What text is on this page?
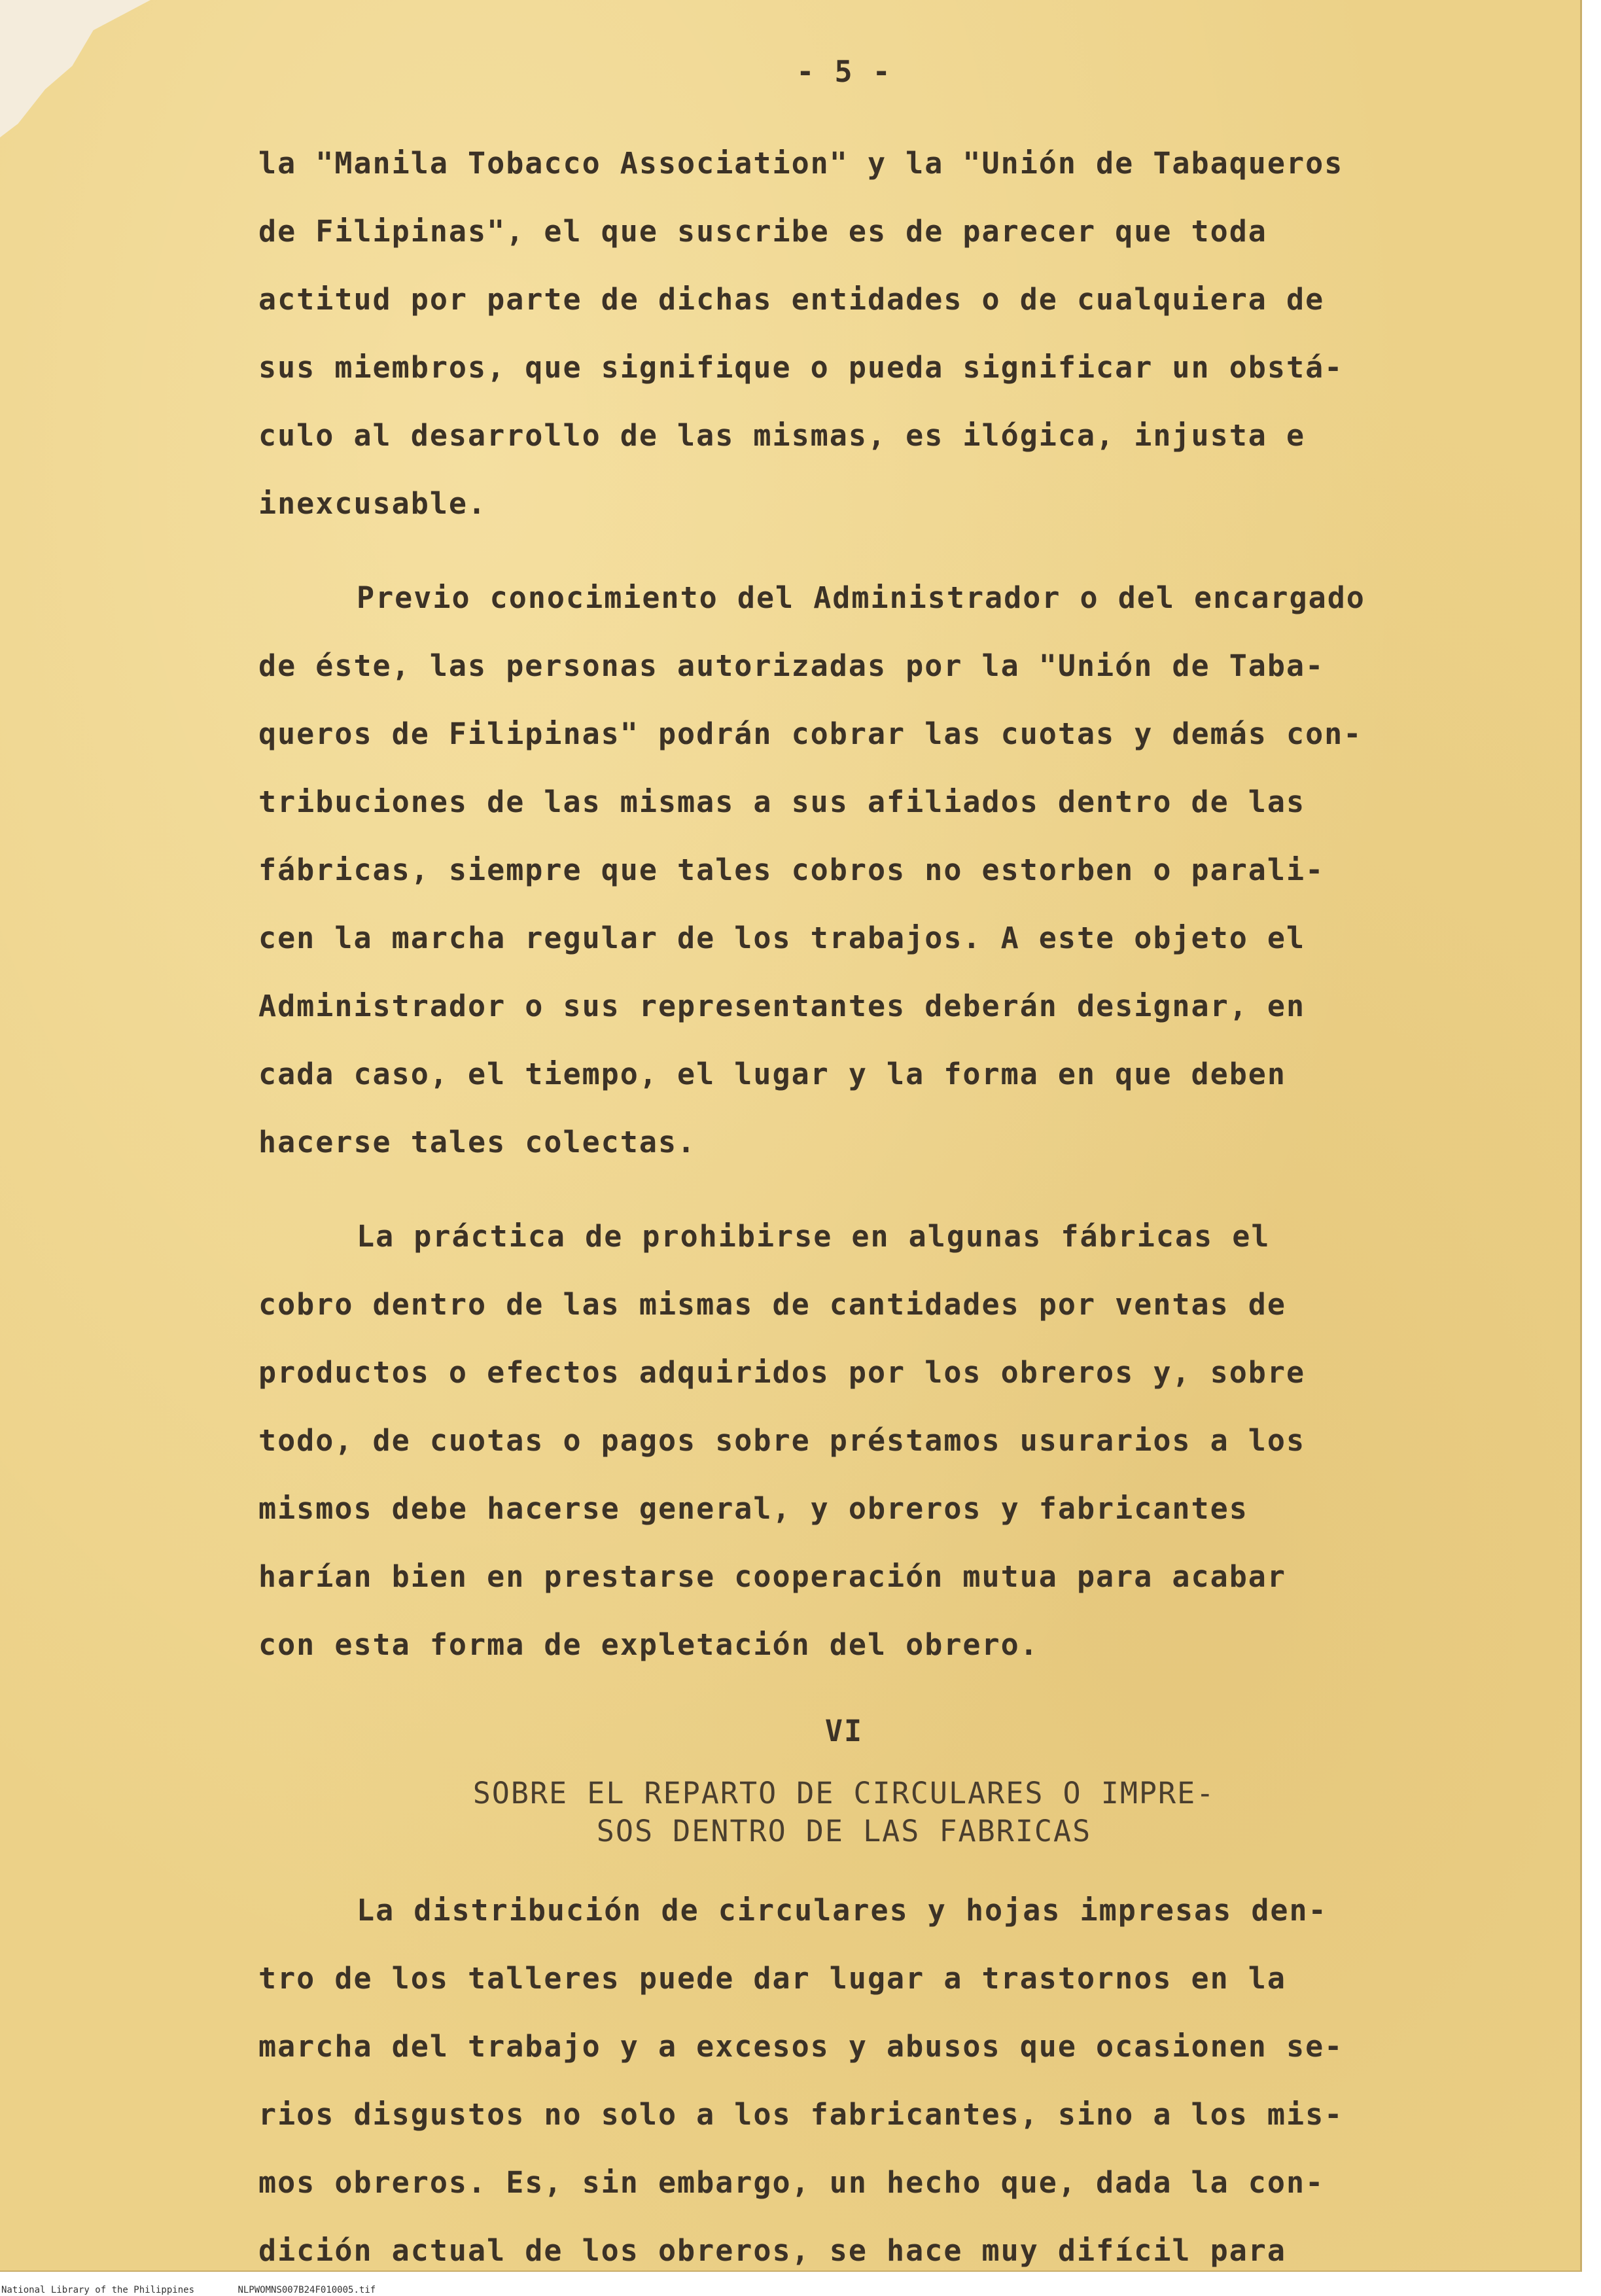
- 5 -
la "Manila Tobacco Association" y la "Unión de Tabaqueros
de Filipinas", el que suscribe es de parecer que toda
actitud por parte de dichas entidades o de cualquiera de
sus miembros, que signifique o pueda significar un obstá-
culo al desarrollo de las mismas, es ilógica, injusta e
inexcusable.
Previo conocimiento del Administrador o del encargado
de éste, las personas autorizadas por la "Unión de Taba-
queros de Filipinas" podrán cobrar las cuotas y demás con-
tribuciones de las mismas a sus afiliados dentro de las
fábricas, siempre que tales cobros no estorben o parali-
cen la marcha regular de los trabajos. A este objeto el
Administrador o sus representantes deberán designar, en
cada caso, el tiempo, el lugar y la forma en que deben
hacerse tales colectas.
La práctica de prohibirse en algunas fábricas el
cobro dentro de las mismas de cantidades por ventas de
productos o efectos adquiridos por los obreros y, sobre
todo, de cuotas o pagos sobre préstamos usurarios a los
mismos debe hacerse general, y obreros y fabricantes
harían bien en prestarse cooperación mutua para acabar
con esta forma de expletación del obrero.
VI
SOBRE EL REPARTO DE CIRCULARES O IMPRE-
SOS DENTRO DE LAS FABRICAS
La distribución de circulares y hojas impresas den-
tro de los talleres puede dar lugar a trastornos en la
marcha del trabajo y a excesos y abusos que ocasionen se-
rios disgustos no solo a los fabricantes, sino a los mis-
mos obreros. Es, sin embargo, un hecho que, dada la con-
dición actual de los obreros, se hace muy difícil para
National Library of the Philippines	NLPWOMNS007B24F010005.tif
